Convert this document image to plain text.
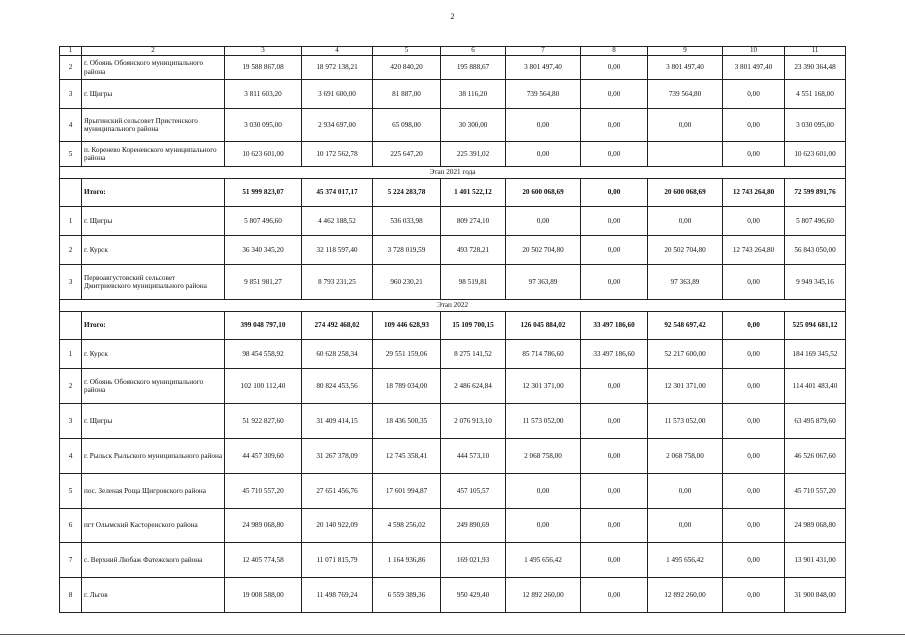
2
1	2	3	4	5	6	7	8	9	10	11
2	г. Обоянь Обоянского муниципального района	19 588 867,08	18 972 138,21	420 840,20	195 888,67	3 801 497,40	0,00	3 801 497,40	3 801 497,40	23 390 364,48
3	г. Щигры	3 811 603,20	3 691 600,00	81 887,00	38 116,20	739 564,80	0,00	739 564,80	0,00	4 551 168,00
4	Ярыгинский сельсовет Пристенского муниципального района	3 030 095,00	2 934 697,00	65 098,00	30 300,00	0,00	0,00	0,00	0,00	3 030 095,00
5	п. Коренево Кореневского муниципального района	10 623 601,00	10 172 562,78	225 647,20	225 391,02	0,00	0,00		0,00	10 623 601,00
Этап 2021 года										
	Итого:	51 999 823,07	45 374 017,17	5 224 283,78	1 401 522,12	20 600 068,69	0,00	20 600 068,69	12 743 264,80	72 599 891,76
1	г. Щигры	5 807 496,60	4 462 188,52	536 033,98	809 274,10	0,00	0,00	0,00	0,00	5 807 496,60
2	г. Курск	36 340 345,20	32 118 597,40	3 728 019,59	493 728,21	20 502 704,80	0,00	20 502 704,80	12 743 264,80	56 843 050,00
3	Первоавгустовский сельсовет Дмитриевского муниципального района	9 851 981,27	8 793 231,25	960 230,21	98 519,81	97 363,89	0,00	97 363,89	0,00	9 949 345,16
Этап 2022										
	Итого:	399 048 797,10	274 492 468,02	109 446 628,93	15 109 700,15	126 045 884,02	33 497 186,60	92 548 697,42	0,00	525 094 681,12
1	г. Курск	98 454 558,92	60 628 258,34	29 551 159,06	8 275 141,52	85 714 786,60	33 497 186,60	52 217 600,00	0,00	184 169 345,52
2	г. Обоянь Обоянского муниципального района	102 100 112,40	80 824 453,56	18 789 034,00	2 486 624,84	12 301 371,00	0,00	12 301 371,00	0,00	114 401 483,40
3	г. Щигры	51 922 827,60	31 409 414,15	18 436 500,35	2 076 913,10	11 573 052,00	0,00	11 573 052,00	0,00	63 495 879,60
4	г. Рыльск Рыльского муниципального района	44 457 309,60	31 267 378,09	12 745 358,41	444 573,10	2 068 758,00	0,00	2 068 758,00	0,00	46 526 067,60
5	пос. Зеленая Роща Щигровского района	45 710 557,20	27 651 456,76	17 601 994,87	457 105,57	0,00	0,00	0,00	0,00	45 710 557,20
6	пгт Олымский Касторенского района	24 989 068,80	20 140 922,09	4 598 256,02	249 890,69	0,00	0,00	0,00	0,00	24 989 068,80
7	с. Верхний Любаж Фатежского района	12 405 774,58	11 071 815,79	1 164 936,86	169 021,93	1 495 656,42	0,00	1 495 656,42	0,00	13 901 431,00
8	г. Льгов	19 008 588,00	11 498 769,24	6 559 389,36	950 429,40	12 892 260,00	0,00	12 892 260,00	0,00	31 900 848,00
